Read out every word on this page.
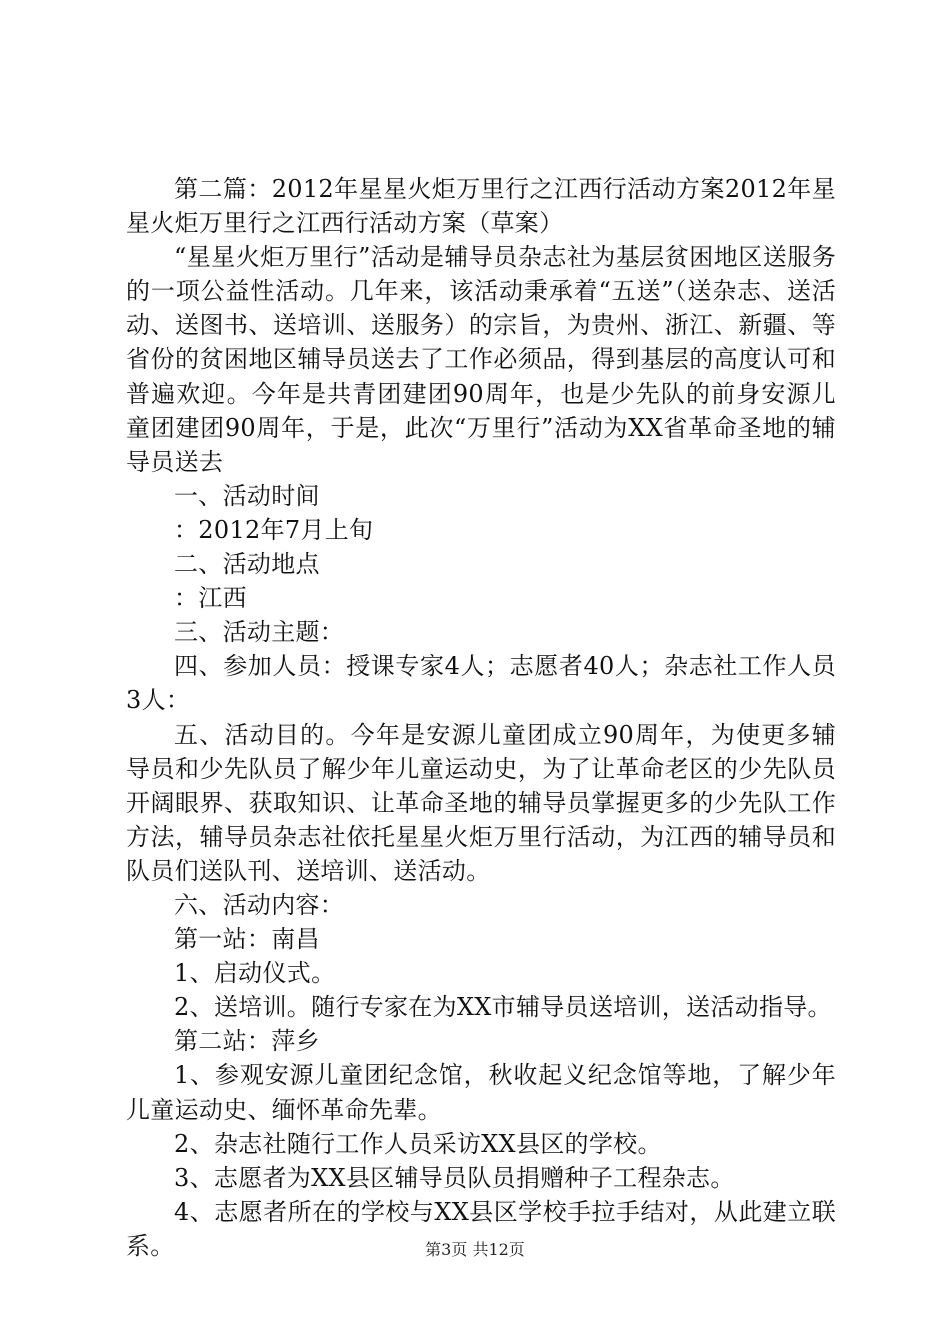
第二篇：2012年星星火炬万里行之江西行活动方案2012年星星火炬万里行之江西行活动方案（草案）

“星星火炬万里行”活动是辅导员杂志社为基层贫困地区送服务的一项公益性活动。几年来，该活动秉承着“五送”（送杂志、送活动、送图书、送培训、送服务）的宗旨，为贵州、浙江、新疆、等省份的贫困地区辅导员送去了工作必须品，得到基层的高度认可和普遍欢迎。今年是共青团建团90周年，也是少先队的前身安源儿童团建团90周年，于是，此次“万里行”活动为XX省革命圣地的辅导员送去

一、活动时间

：2012年7月上旬

二、活动地点

：江西

三、活动主题：

四、参加人员：授课专家4人；志愿者40人；杂志社工作人员3人：

五、活动目的。今年是安源儿童团成立90周年，为使更多辅导员和少先队员了解少年儿童运动史，为了让革命老区的少先队员开阔眼界、获取知识、让革命圣地的辅导员掌握更多的少先队工作方法，辅导员杂志社依托星星火炬万里行活动，为江西的辅导员和队员们送队刊、送培训、送活动。

六、活动内容：

第一站：南昌

1、启动仪式。

2、送培训。随行专家在为XX市辅导员送培训，送活动指导。

第二站：萍乡

1、参观安源儿童团纪念馆，秋收起义纪念馆等地，了解少年儿童运动史、缅怀革命先辈。

2、杂志社随行工作人员采访XX县区的学校。

3、志愿者为XX县区辅导员队员捐赠种子工程杂志。

4、志愿者所在的学校与XX县区学校手拉手结对，从此建立联系。	第3页 共12页
